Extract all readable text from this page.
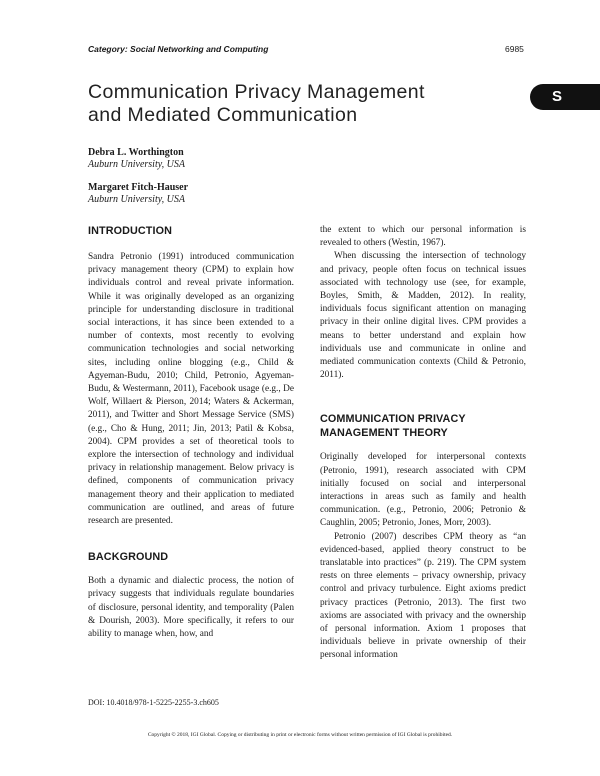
Category: Social Networking and Computing	6985
Communication Privacy Management
and Mediated Communication
S
Debra L. Worthington
Auburn University, USA
Margaret Fitch-Hauser
Auburn University, USA
INTRODUCTION

Sandra Petronio (1991) introduced communication privacy management theory (CPM) to explain how individuals control and reveal private information. While it was originally developed as an organizing principle for understanding disclosure in traditional social interactions, it has since been extended to a number of contexts, most recently to evolving communication technologies and social networking sites, including online blogging (e.g., Child & Agyeman-Budu, 2010; Child, Petronio, Agyeman-Budu, & Westermann, 2011), Facebook usage (e.g., De Wolf, Willaert & Pierson, 2014; Waters & Ackerman, 2011), and Twitter and Short Message Service (SMS) (e.g., Cho & Hung, 2011; Jin, 2013; Patil & Kobsa, 2004). CPM provides a set of theoretical tools to explore the intersection of technology and individual privacy in relationship management. Below privacy is defined, components of communication privacy management theory and their application to mediated communication are outlined, and areas of future research are presented.

BACKGROUND

Both a dynamic and dialectic process, the notion of privacy suggests that individuals regulate boundaries of disclosure, personal identity, and temporality (Palen & Dourish, 2003). More specifically, it refers to our ability to manage when, how, and

the extent to which our personal information is revealed to others (Westin, 1967).

When discussing the intersection of technology and privacy, people often focus on technical issues associated with technology use (see, for example, Boyles, Smith, & Madden, 2012). In reality, individuals focus significant attention on managing privacy in their online digital lives. CPM provides a means to better understand and explain how individuals use and communicate in online and mediated communication contexts (Child & Petronio, 2011).

COMMUNICATION PRIVACY MANAGEMENT THEORY

Originally developed for interpersonal contexts (Petronio, 1991), research associated with CPM initially focused on social and interpersonal interactions in areas such as family and health communication. (e.g., Petronio, 2006; Petronio & Caughlin, 2005; Petronio, Jones, Morr, 2003).

Petronio (2007) describes CPM theory as “an evidenced-based, applied theory construct to be translatable into practices” (p. 219). The CPM system rests on three elements – privacy ownership, privacy control and privacy turbulence. Eight axioms predict privacy practices (Petronio, 2013). The first two axioms are associated with privacy and the ownership of personal information. Axiom 1 proposes that individuals believe in private ownership of their personal information

DOI: 10.4018/978-1-5225-2255-3.ch605
Copyright © 2018, IGI Global. Copying or distributing in print or electronic forms without written permission of IGI Global is prohibited.
